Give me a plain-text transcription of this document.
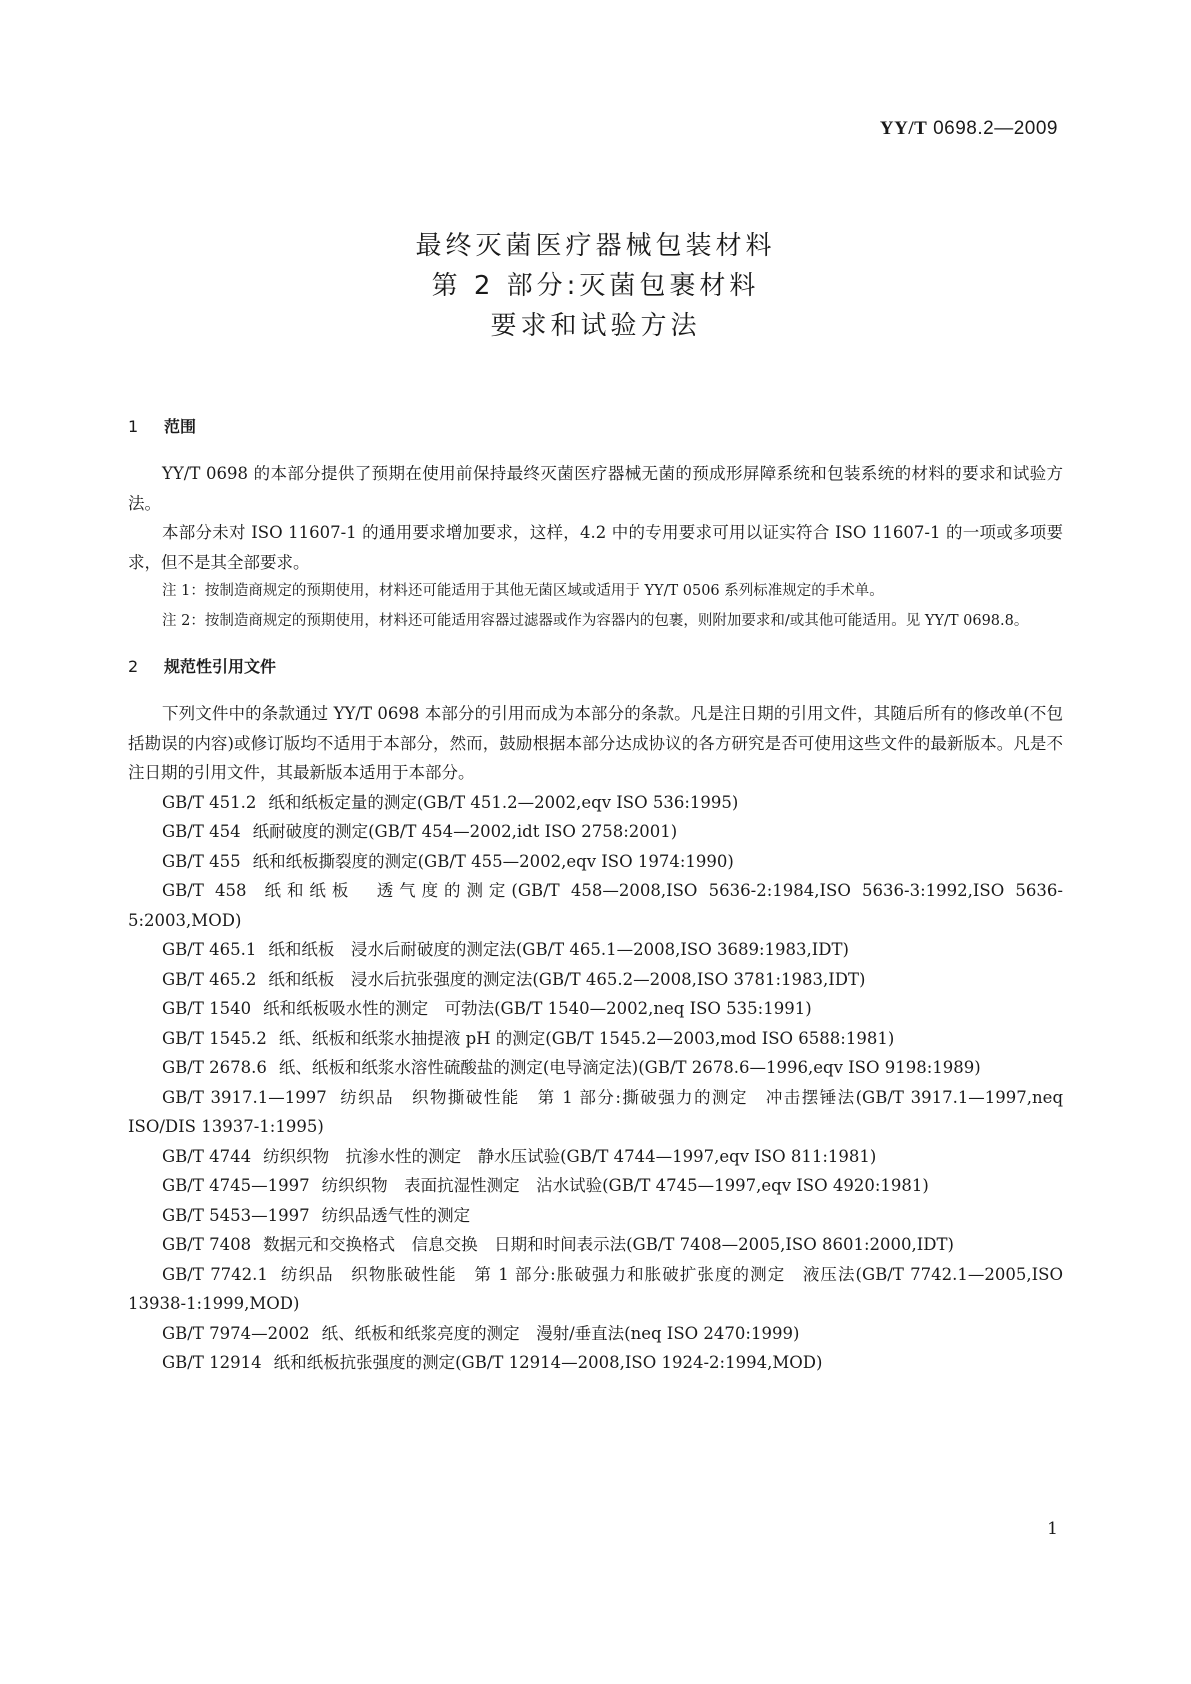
YY/T 0698.2—2009
最终灭菌医疗器械包装材料
第 2 部分:灭菌包裹材料
要求和试验方法
1 范围
YY/T 0698 的本部分提供了预期在使用前保持最终灭菌医疗器械无菌的预成形屏障系统和包装系统的材料的要求和试验方法。
本部分未对 ISO 11607-1 的通用要求增加要求，这样，4.2 中的专用要求可用以证实符合 ISO 11607-1 的一项或多项要求，但不是其全部要求。
注 1：按制造商规定的预期使用，材料还可能适用于其他无菌区域或适用于 YY/T 0506 系列标准规定的手术单。
注 2：按制造商规定的预期使用，材料还可能适用容器过滤器或作为容器内的包裹，则附加要求和/或其他可能适用。见 YY/T 0698.8。
2 规范性引用文件
下列文件中的条款通过 YY/T 0698 本部分的引用而成为本部分的条款。凡是注日期的引用文件，其随后所有的修改单(不包括勘误的内容)或修订版均不适用于本部分，然而，鼓励根据本部分达成协议的各方研究是否可使用这些文件的最新版本。凡是不注日期的引用文件，其最新版本适用于本部分。
GB/T 451.2 纸和纸板定量的测定(GB/T 451.2—2002,eqv ISO 536:1995)
GB/T 454 纸耐破度的测定(GB/T 454—2002,idt ISO 2758:2001)
GB/T 455 纸和纸板撕裂度的测定(GB/T 455—2002,eqv ISO 1974:1990)
GB/T 458 纸和纸板　透气度的测定(GB/T 458—2008,ISO 5636-2:1984,ISO 5636-3:1992,ISO 5636-5:2003,MOD)
GB/T 465.1 纸和纸板　浸水后耐破度的测定法(GB/T 465.1—2008,ISO 3689:1983,IDT)
GB/T 465.2 纸和纸板　浸水后抗张强度的测定法(GB/T 465.2—2008,ISO 3781:1983,IDT)
GB/T 1540 纸和纸板吸水性的测定　可勃法(GB/T 1540—2002,neq ISO 535:1991)
GB/T 1545.2 纸、纸板和纸浆水抽提液 pH 的测定(GB/T 1545.2—2003,mod ISO 6588:1981)
GB/T 2678.6 纸、纸板和纸浆水溶性硫酸盐的测定(电导滴定法)(GB/T 2678.6—1996,eqv ISO 9198:1989)
GB/T 3917.1—1997 纺织品　织物撕破性能　第 1 部分:撕破强力的测定　冲击摆锤法(GB/T 3917.1—1997,neq ISO/DIS 13937-1:1995)
GB/T 4744 纺织织物　抗渗水性的测定　静水压试验(GB/T 4744—1997,eqv ISO 811:1981)
GB/T 4745—1997 纺织织物　表面抗湿性测定　沾水试验(GB/T 4745—1997,eqv ISO 4920:1981)
GB/T 5453—1997 纺织品透气性的测定
GB/T 7408 数据元和交换格式　信息交换　日期和时间表示法(GB/T 7408—2005,ISO 8601:2000,IDT)
GB/T 7742.1 纺织品　织物胀破性能　第 1 部分:胀破强力和胀破扩张度的测定　液压法(GB/T 7742.1—2005,ISO 13938-1:1999,MOD)
GB/T 7974—2002 纸、纸板和纸浆亮度的测定　漫射/垂直法(neq ISO 2470:1999)
GB/T 12914 纸和纸板抗张强度的测定(GB/T 12914—2008,ISO 1924-2:1994,MOD)
1
